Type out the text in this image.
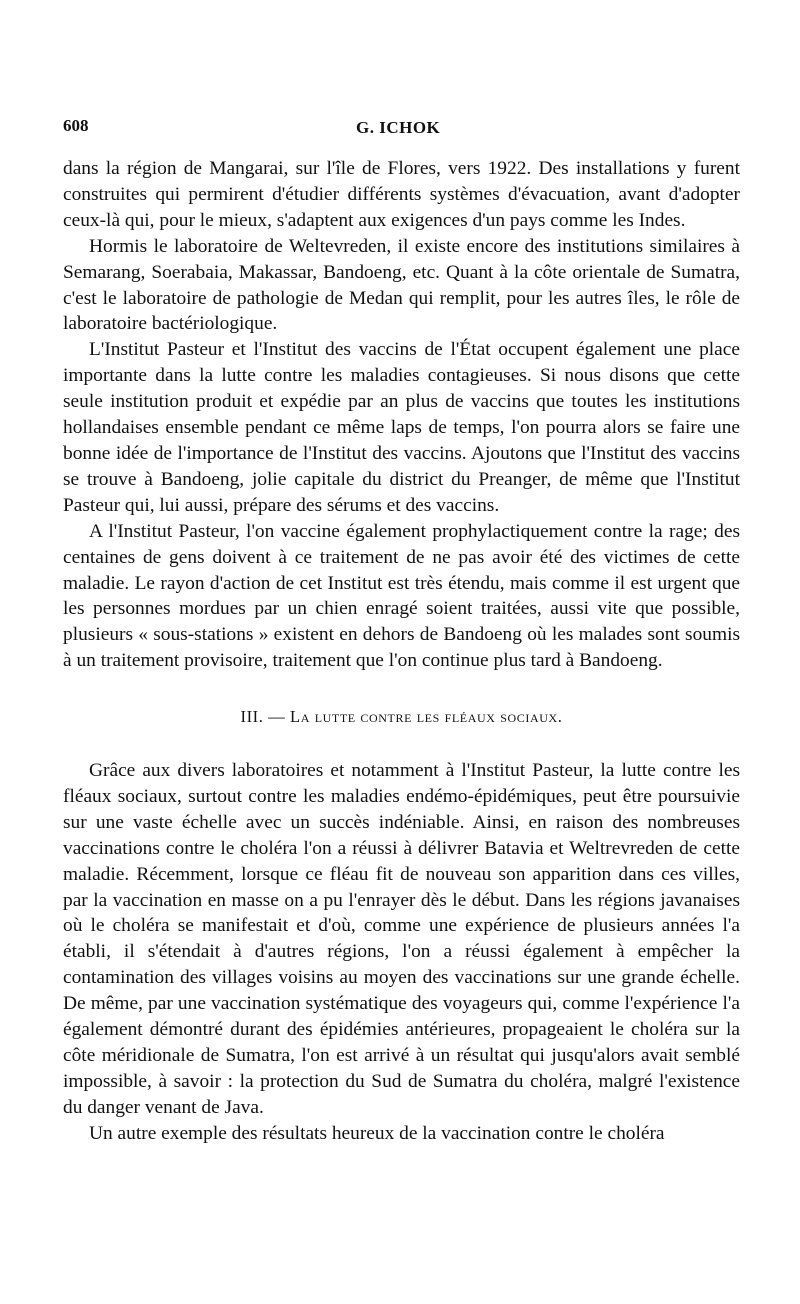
608	G. ICHOK

dans la région de Mangarai, sur l'île de Flores, vers 1922. Des installations y furent construites qui permirent d'étudier différents systèmes d'évacuation, avant d'adopter ceux-là qui, pour le mieux, s'adaptent aux exigences d'un pays comme les Indes.

Hormis le laboratoire de Weltevreden, il existe encore des institutions similaires à Semarang, Soerabaia, Makassar, Bandoeng, etc. Quant à la côte orientale de Sumatra, c'est le laboratoire de pathologie de Medan qui remplit, pour les autres îles, le rôle de laboratoire bactériologique.

L'Institut Pasteur et l'Institut des vaccins de l'État occupent également une place importante dans la lutte contre les maladies contagieuses. Si nous disons que cette seule institution produit et expédie par an plus de vaccins que toutes les institutions hollandaises ensemble pendant ce même laps de temps, l'on pourra alors se faire une bonne idée de l'importance de l'Institut des vaccins. Ajoutons que l'Institut des vaccins se trouve à Bandoeng, jolie capitale du district du Preanger, de même que l'Institut Pasteur qui, lui aussi, prépare des sérums et des vaccins.

A l'Institut Pasteur, l'on vaccine également prophylactiquement contre la rage; des centaines de gens doivent à ce traitement de ne pas avoir été des victimes de cette maladie. Le rayon d'action de cet Institut est très étendu, mais comme il est urgent que les personnes mordues par un chien enragé soient traitées, aussi vite que possible, plusieurs « sous-stations » existent en dehors de Bandoeng où les malades sont soumis à un traitement provisoire, traitement que l'on continue plus tard à Bandoeng.

III. — La lutte contre les fléaux sociaux.

Grâce aux divers laboratoires et notamment à l'Institut Pasteur, la lutte contre les fléaux sociaux, surtout contre les maladies endémo-épidémiques, peut être poursuivie sur une vaste échelle avec un succès indéniable. Ainsi, en raison des nombreuses vaccinations contre le choléra l'on a réussi à délivrer Batavia et Weltrevreden de cette maladie. Récemment, lorsque ce fléau fit de nouveau son apparition dans ces villes, par la vaccination en masse on a pu l'enrayer dès le début. Dans les régions javanaises où le choléra se manifestait et d'où, comme une expérience de plusieurs années l'a établi, il s'étendait à d'autres régions, l'on a réussi également à empêcher la contamination des villages voisins au moyen des vaccinations sur une grande échelle. De même, par une vaccination systématique des voyageurs qui, comme l'expérience l'a également démontré durant des épidémies antérieures, propageaient le choléra sur la côte méridionale de Sumatra, l'on est arrivé à un résultat qui jusqu'alors avait semblé impossible, à savoir : la protection du Sud de Sumatra du choléra, malgré l'existence du danger venant de Java.

Un autre exemple des résultats heureux de la vaccination contre le choléra
